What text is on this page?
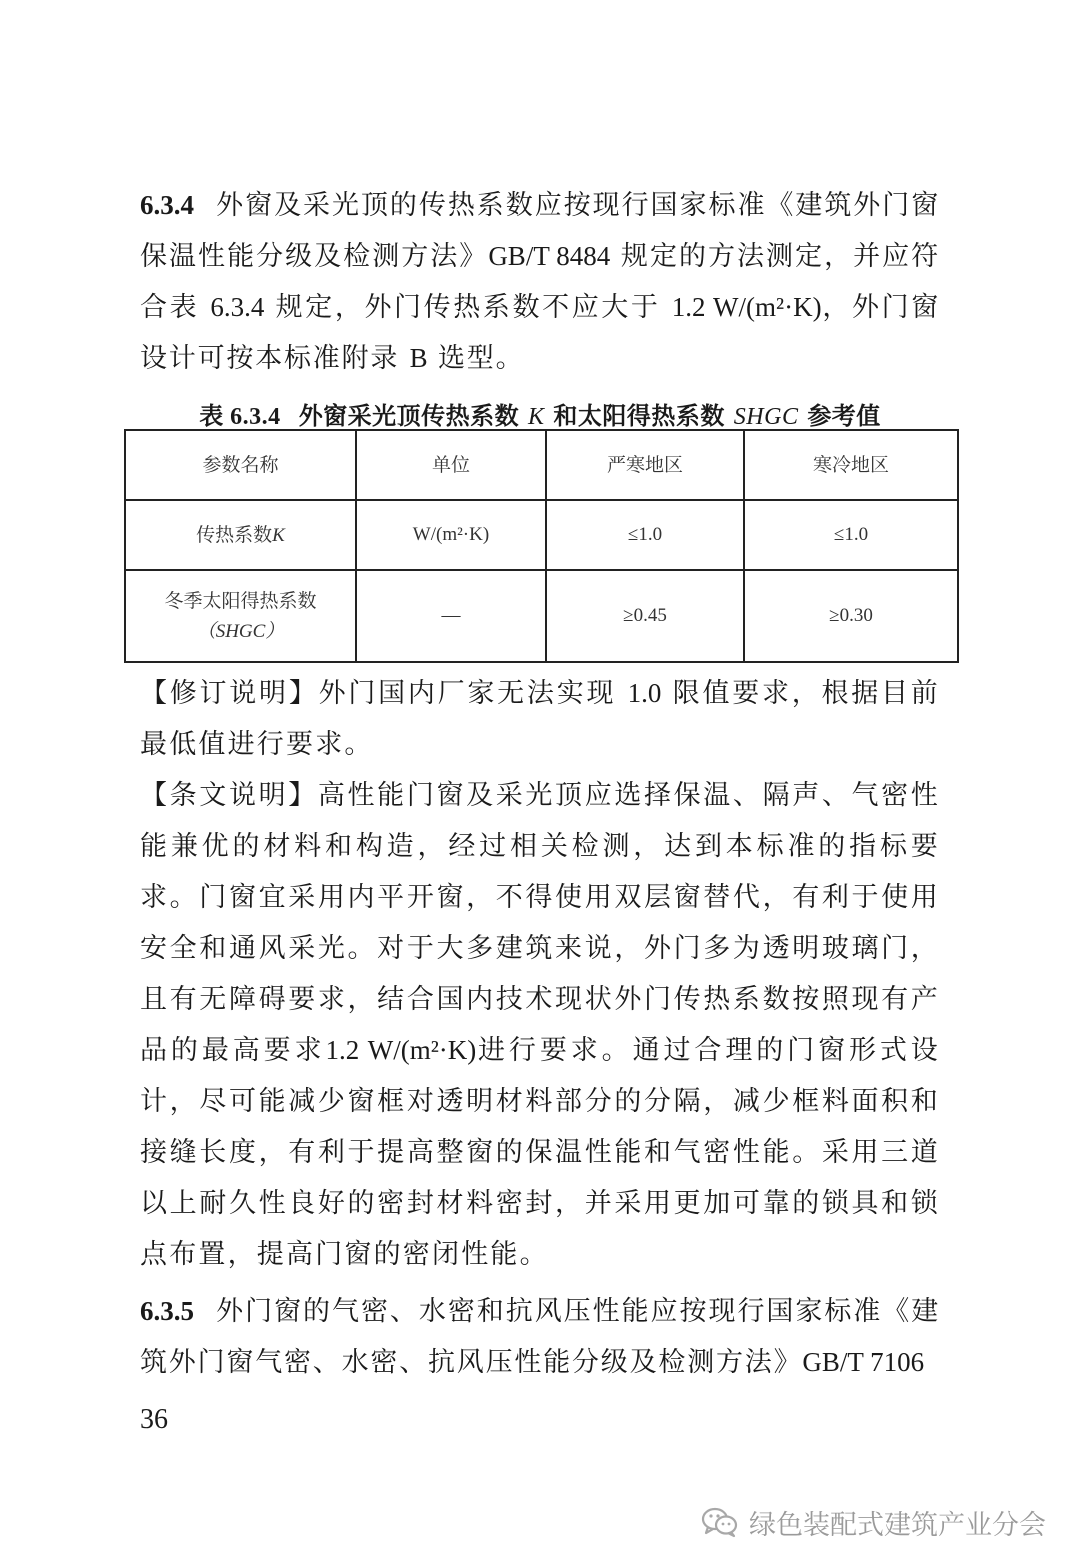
6.3.4 外窗及采光顶的传热系数应按现行国家标准《建筑外门窗保温性能分级及检测方法》GB/T 8484 规定的方法测定，并应符合表 6.3.4 规定，外门传热系数不应大于 1.2 W/(m²·K)，外门窗设计可按本标准附录 B 选型。

表 6.3.4 外窗采光顶传热系数 K 和太阳得热系数 SHGC 参考值
参数名称	单位	严寒地区	寒冷地区
传热系数K	W/(m²·K)	≤1.0	≤1.0
冬季太阳得热系数
（SHGC）	—	≥0.45	≥0.30

【修订说明】外门国内厂家无法实现 1.0 限值要求，根据目前最低值进行要求。

【条文说明】高性能门窗及采光顶应选择保温、隔声、气密性能兼优的材料和构造，经过相关检测，达到本标准的指标要求。门窗宜采用内平开窗，不得使用双层窗替代，有利于使用安全和通风采光。对于大多建筑来说，外门多为透明玻璃门，且有无障碍要求，结合国内技术现状外门传热系数按照现有产品的最高要求1.2 W/(m²·K)进行要求。通过合理的门窗形式设计，尽可能减少窗框对透明材料部分的分隔，减少框料面积和接缝长度，有利于提高整窗的保温性能和气密性能。采用三道以上耐久性良好的密封材料密封，并采用更加可靠的锁具和锁点布置，提高门窗的密闭性能。

6.3.5 外门窗的气密、水密和抗风压性能应按现行国家标准《建筑外门窗气密、水密、抗风压性能分级及检测方法》GB/T 7106

36
绿色装配式建筑产业分会
